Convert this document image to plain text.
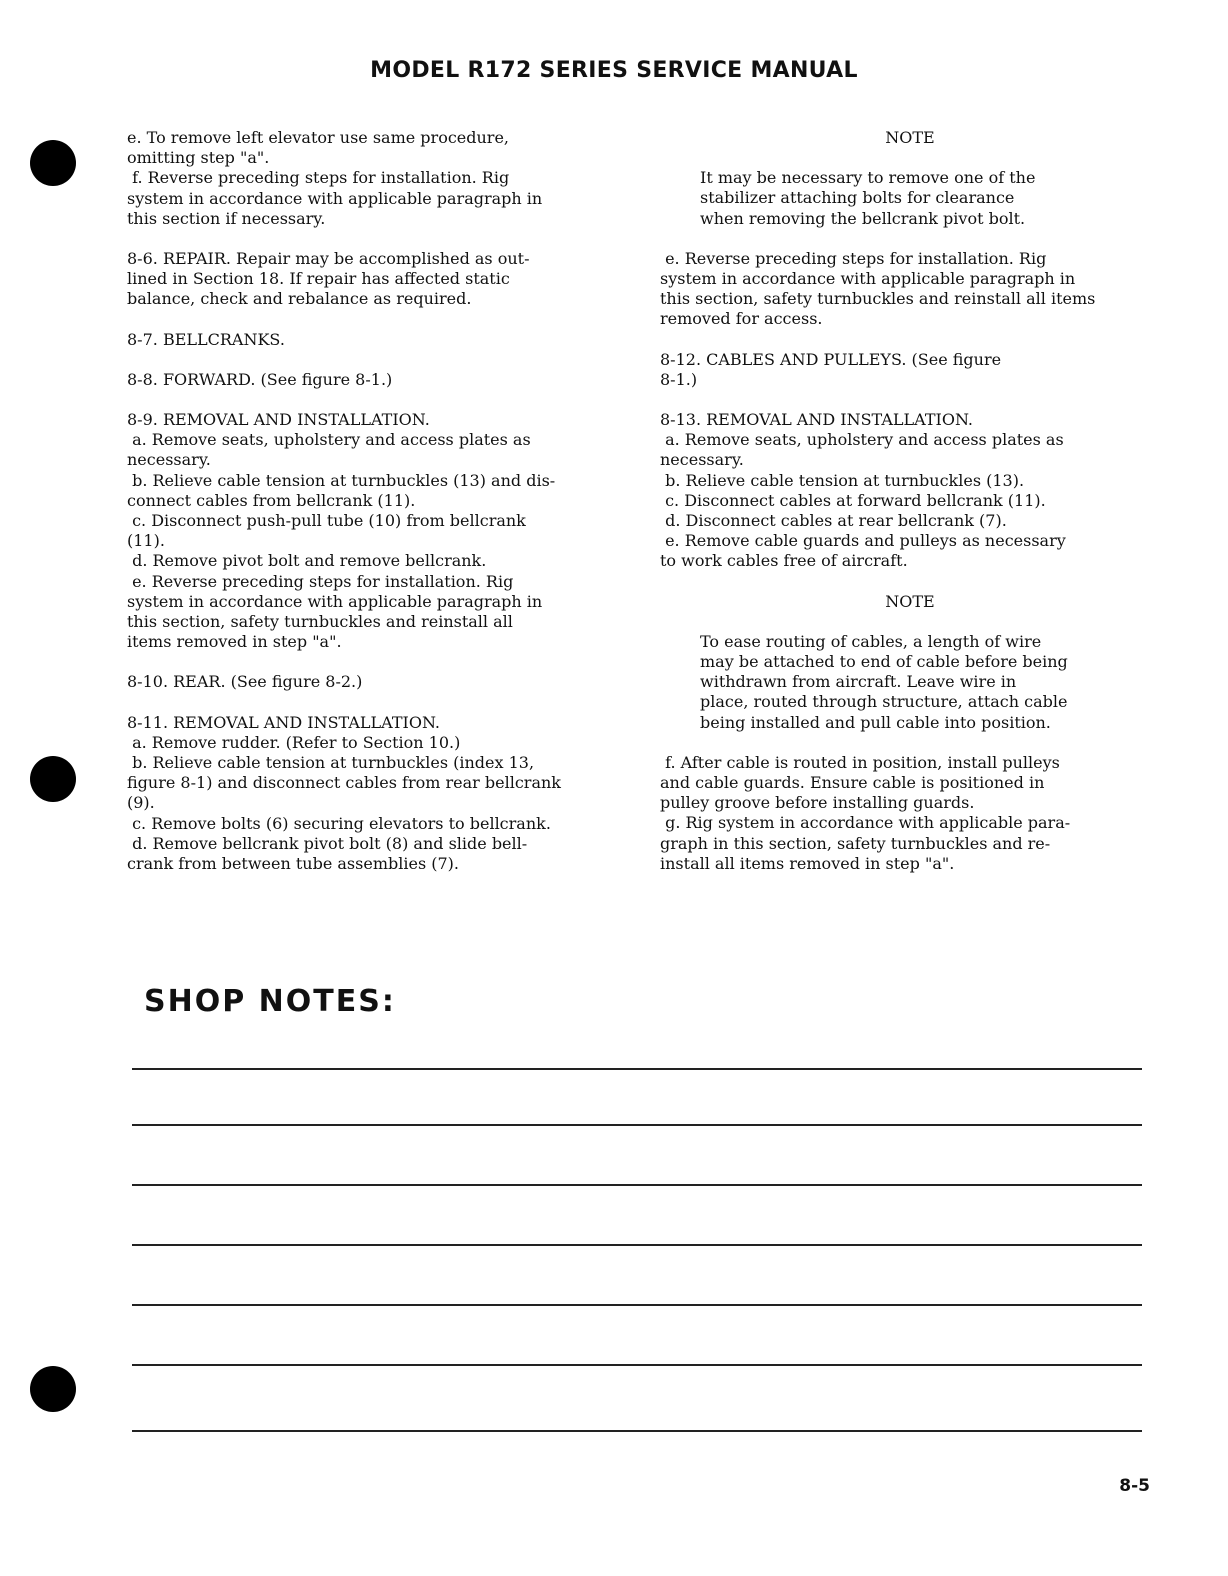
MODEL R172 SERIES SERVICE MANUAL
e. To remove left elevator use same procedure,
omitting step "a".
f. Reverse preceding steps for installation. Rig
system in accordance with applicable paragraph in
this section if necessary.
8-6. REPAIR. Repair may be accomplished as out-
lined in Section 18. If repair has affected static
balance, check and rebalance as required.
8-7. BELLCRANKS.
8-8. FORWARD. (See figure 8-1.)
8-9. REMOVAL AND INSTALLATION.
a. Remove seats, upholstery and access plates as
necessary.
b. Relieve cable tension at turnbuckles (13) and dis-
connect cables from bellcrank (11).
c. Disconnect push-pull tube (10) from bellcrank
(11).
d. Remove pivot bolt and remove bellcrank.
e. Reverse preceding steps for installation. Rig
system in accordance with applicable paragraph in
this section, safety turnbuckles and reinstall all
items removed in step "a".
8-10. REAR. (See figure 8-2.)
8-11. REMOVAL AND INSTALLATION.
a. Remove rudder. (Refer to Section 10.)
b. Relieve cable tension at turnbuckles (index 13,
figure 8-1) and disconnect cables from rear bellcrank
(9).
c. Remove bolts (6) securing elevators to bellcrank.
d. Remove bellcrank pivot bolt (8) and slide bell-
crank from between tube assemblies (7).
NOTE
It may be necessary to remove one of the
stabilizer attaching bolts for clearance
when removing the bellcrank pivot bolt.
e. Reverse preceding steps for installation. Rig
system in accordance with applicable paragraph in
this section, safety turnbuckles and reinstall all items
removed for access.
8-12. CABLES AND PULLEYS. (See figure
8-1.)
8-13. REMOVAL AND INSTALLATION.
a. Remove seats, upholstery and access plates as
necessary.
b. Relieve cable tension at turnbuckles (13).
c. Disconnect cables at forward bellcrank (11).
d. Disconnect cables at rear bellcrank (7).
e. Remove cable guards and pulleys as necessary
to work cables free of aircraft.
NOTE
To ease routing of cables, a length of wire
may be attached to end of cable before being
withdrawn from aircraft. Leave wire in
place, routed through structure, attach cable
being installed and pull cable into position.
f. After cable is routed in position, install pulleys
and cable guards. Ensure cable is positioned in
pulley groove before installing guards.
g. Rig system in accordance with applicable para-
graph in this section, safety turnbuckles and re-
install all items removed in step "a".
SHOP NOTES:
8-5
